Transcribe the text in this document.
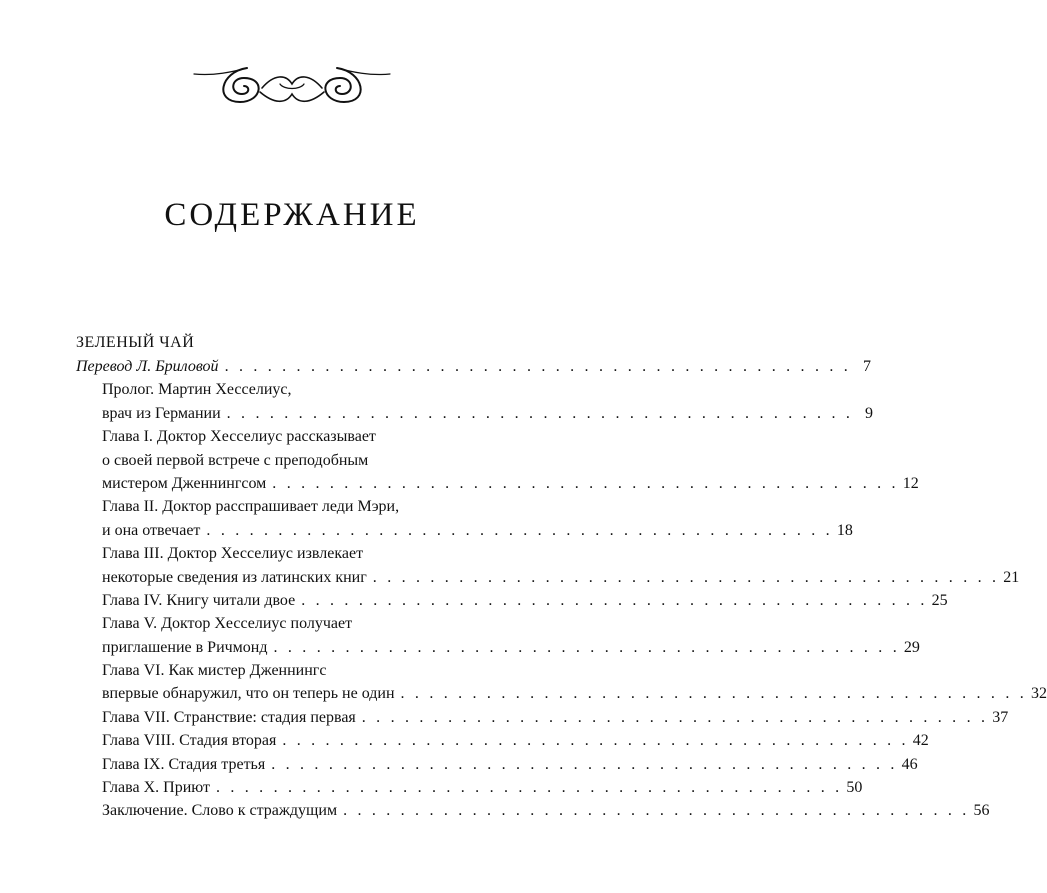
СОДЕРЖАНИЕ
ЗЕЛЕНЫЙ ЧАЙ
Перевод Л. Бриловой . . . . . . . . . . . . . . . . . . . . . . . . . . . . . . . . . . . . . . . . . . . . 7
Пролог. Мартин Хесселиус,
врач из Германии . . . . . . . . . . . . . . . . . . . . . . . . . . . . . . . . . . . . . . . . . . . . 9
Глава I. Доктор Хесселиус рассказывает
о своей первой встрече с преподобным
мистером Дженнингсом . . . . . . . . . . . . . . . . . . . . . . . . . . . . . . . . . . . . . . . . . . . . 12
Глава II. Доктор расспрашивает леди Мэри,
и она отвечает . . . . . . . . . . . . . . . . . . . . . . . . . . . . . . . . . . . . . . . . . . . . 18
Глава III. Доктор Хесселиус извлекает
некоторые сведения из латинских книг . . . . . . . . . . . . . . . . . . . . . . . . . . . . . . . . . . . . . . . . . . . . 21
Глава IV. Книгу читали двое . . . . . . . . . . . . . . . . . . . . . . . . . . . . . . . . . . . . . . . . . . . . 25
Глава V. Доктор Хесселиус получает
приглашение в Ричмонд . . . . . . . . . . . . . . . . . . . . . . . . . . . . . . . . . . . . . . . . . . . . 29
Глава VI. Как мистер Дженнингс
впервые обнаружил, что он теперь не один . . . . . . . . . . . . . . . . . . . . . . . . . . . . . . . . . . . . . . . . . . . . 32
Глава VII. Странствие: стадия первая . . . . . . . . . . . . . . . . . . . . . . . . . . . . . . . . . . . . . . . . . . . . 37
Глава VIII. Стадия вторая . . . . . . . . . . . . . . . . . . . . . . . . . . . . . . . . . . . . . . . . . . . . 42
Глава IX. Стадия третья . . . . . . . . . . . . . . . . . . . . . . . . . . . . . . . . . . . . . . . . . . . . 46
Глава X. Приют . . . . . . . . . . . . . . . . . . . . . . . . . . . . . . . . . . . . . . . . . . . . 50
Заключение. Слово к страждущим . . . . . . . . . . . . . . . . . . . . . . . . . . . . . . . . . . . . . . . . . . . . 56
